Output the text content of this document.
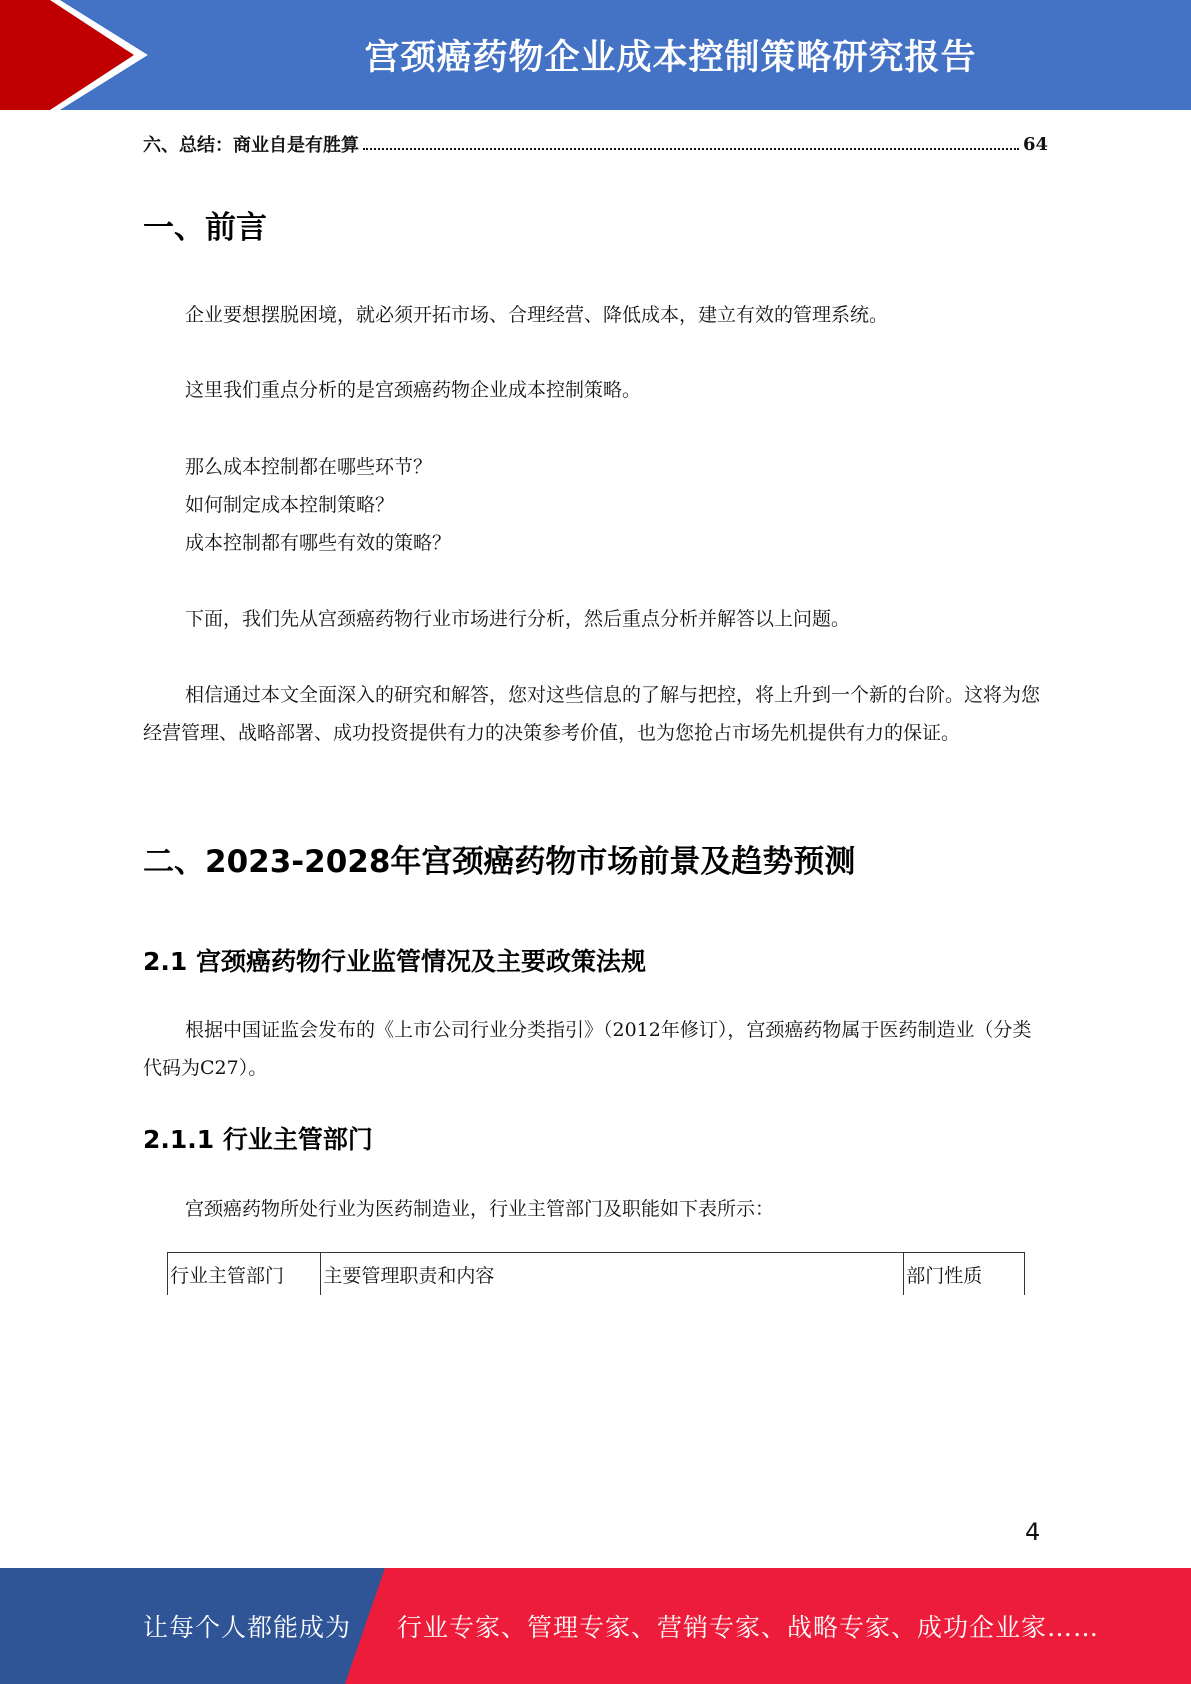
宫颈癌药物企业成本控制策略研究报告
六、总结：商业自是有胜算	64
一、前言

企业要想摆脱困境，就必须开拓市场、合理经营、降低成本，建立有效的管理系统。

这里我们重点分析的是宫颈癌药物企业成本控制策略。

那么成本控制都在哪些环节？

如何制定成本控制策略？

成本控制都有哪些有效的策略？

下面，我们先从宫颈癌药物行业市场进行分析，然后重点分析并解答以上问题。

相信通过本文全面深入的研究和解答，您对这些信息的了解与把控，将上升到一个新的台阶。这将为您经营管理、战略部署、成功投资提供有力的决策参考价值，也为您抢占市场先机提供有力的保证。

二、2023-2028年宫颈癌药物市场前景及趋势预测
2.1 宫颈癌药物行业监管情况及主要政策法规

根据中国证监会发布的《上市公司行业分类指引》（2012年修订），宫颈癌药物属于医药制造业（分类代码为C27）。

2.1.1 行业主管部门

宫颈癌药物所处行业为医药制造业，行业主管部门及职能如下表所示：

行业主管部门	主要管理职责和内容	部门性质
4
让每个人都能成为 行业专家、管理专家、营销专家、战略专家、成功企业家……
